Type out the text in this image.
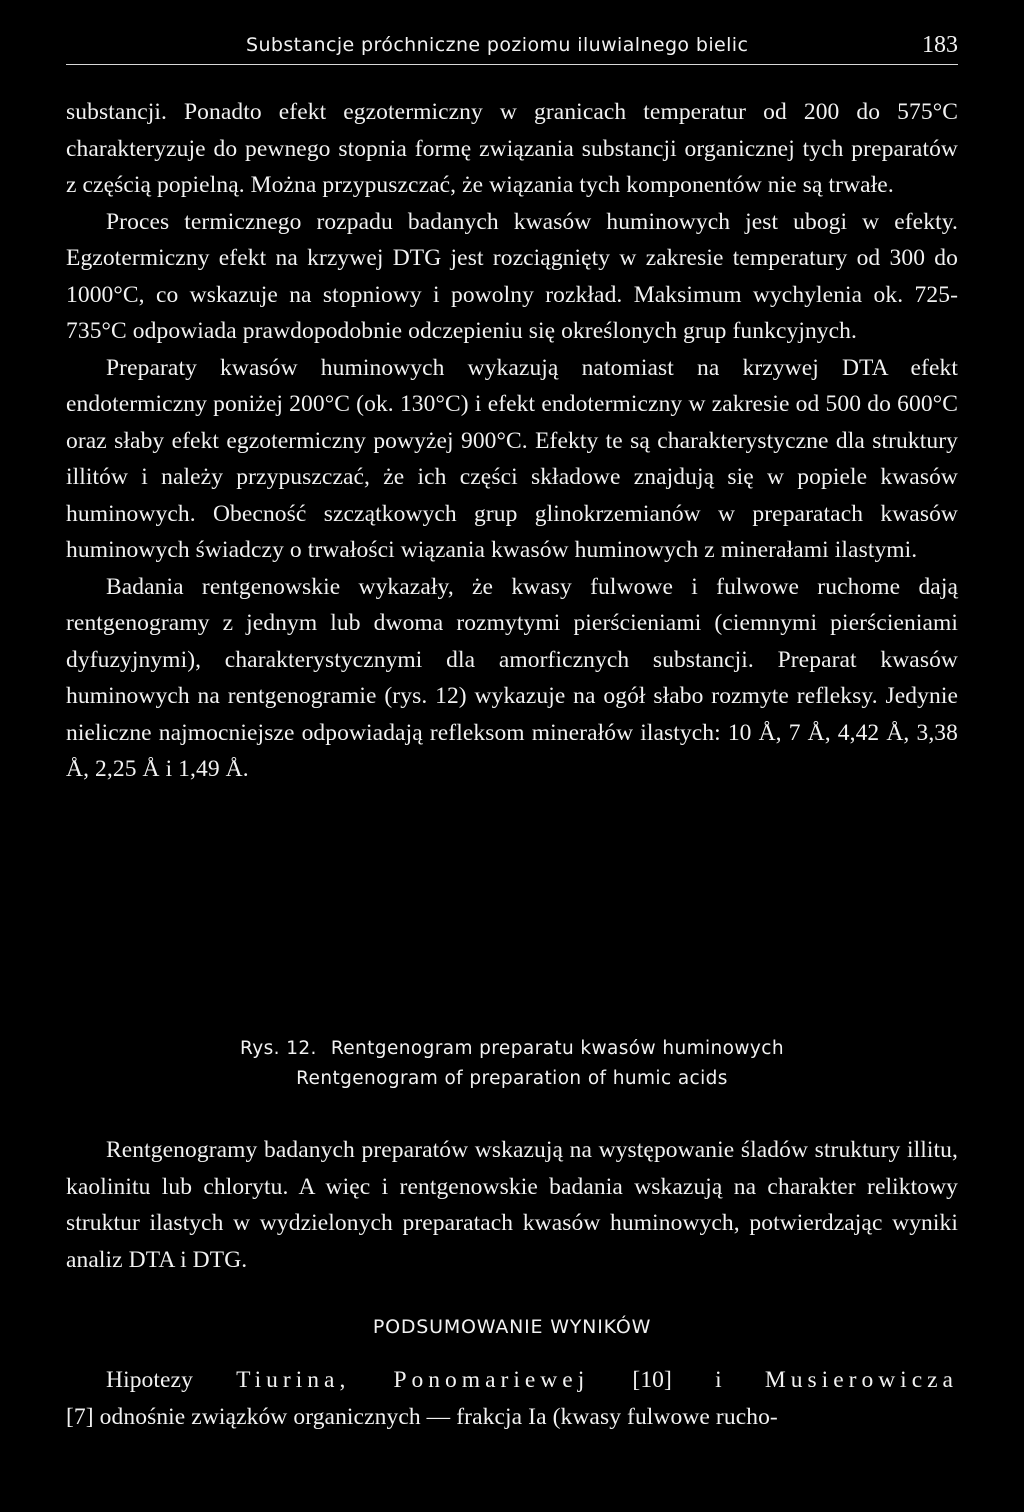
Substancje próchniczne poziomu iluwialnego bielic	183

substancji. Ponadto efekt egzotermiczny w granicach temperatur od 200 do 575°C charakteryzuje do pewnego stopnia formę związania substancji organicznej tych preparatów z częścią popielną. Można przypuszczać, że wiązania tych komponentów nie są trwałe.

Proces termicznego rozpadu badanych kwasów huminowych jest ubogi w efekty. Egzotermiczny efekt na krzywej DTG jest rozciągnięty w zakresie temperatury od 300 do 1000°C, co wskazuje na stopniowy i powolny rozkład. Maksimum wychylenia ok. 725-735°C odpowiada prawdopodobnie odczepieniu się określonych grup funkcyjnych.

Preparaty kwasów huminowych wykazują natomiast na krzywej DTA efekt endotermiczny poniżej 200°C (ok. 130°C) i efekt endotermiczny w zakresie od 500 do 600°C oraz słaby efekt egzotermiczny powyżej 900°C. Efekty te są charakterystyczne dla struktury illitów i należy przypuszczać, że ich części składowe znajdują się w popiele kwasów huminowych. Obecność szczątkowych grup glinokrzemianów w preparatach kwasów huminowych świadczy o trwałości wiązania kwasów huminowych z minerałami ilastymi.

Badania rentgenowskie wykazały, że kwasy fulwowe i fulwowe ruchome dają rentgenogramy z jednym lub dwoma rozmytymi pierścieniami (ciemnymi pierścieniami dyfuzyjnymi), charakterystycznymi dla amorficznych substancji. Preparat kwasów huminowych na rentgenogramie (rys. 12) wykazuje na ogół słabo rozmyte refleksy. Jedynie nieliczne najmocniejsze odpowiadają refleksom minerałów ilastych: 10 Å, 7 Å, 4,42 Å, 3,38 Å, 2,25 Å i 1,49 Å.

Rys. 12. Rentgenogram preparatu kwasów huminowych
Rentgenogram of preparation of humic acids

Rentgenogramy badanych preparatów wskazują na występowanie śladów struktury illitu, kaolinitu lub chlorytu. A więc i rentgenowskie badania wskazują na charakter reliktowy struktur ilastych w wydzielonych preparatach kwasów huminowych, potwierdzając wyniki analiz DTA i DTG.

PODSUMOWANIE WYNIKÓW

Hipotezy Tiurina, Ponomariewej [10] i Musierowicza

[7] odnośnie związków organicznych — frakcja Ia (kwasy fulwowe rucho-
